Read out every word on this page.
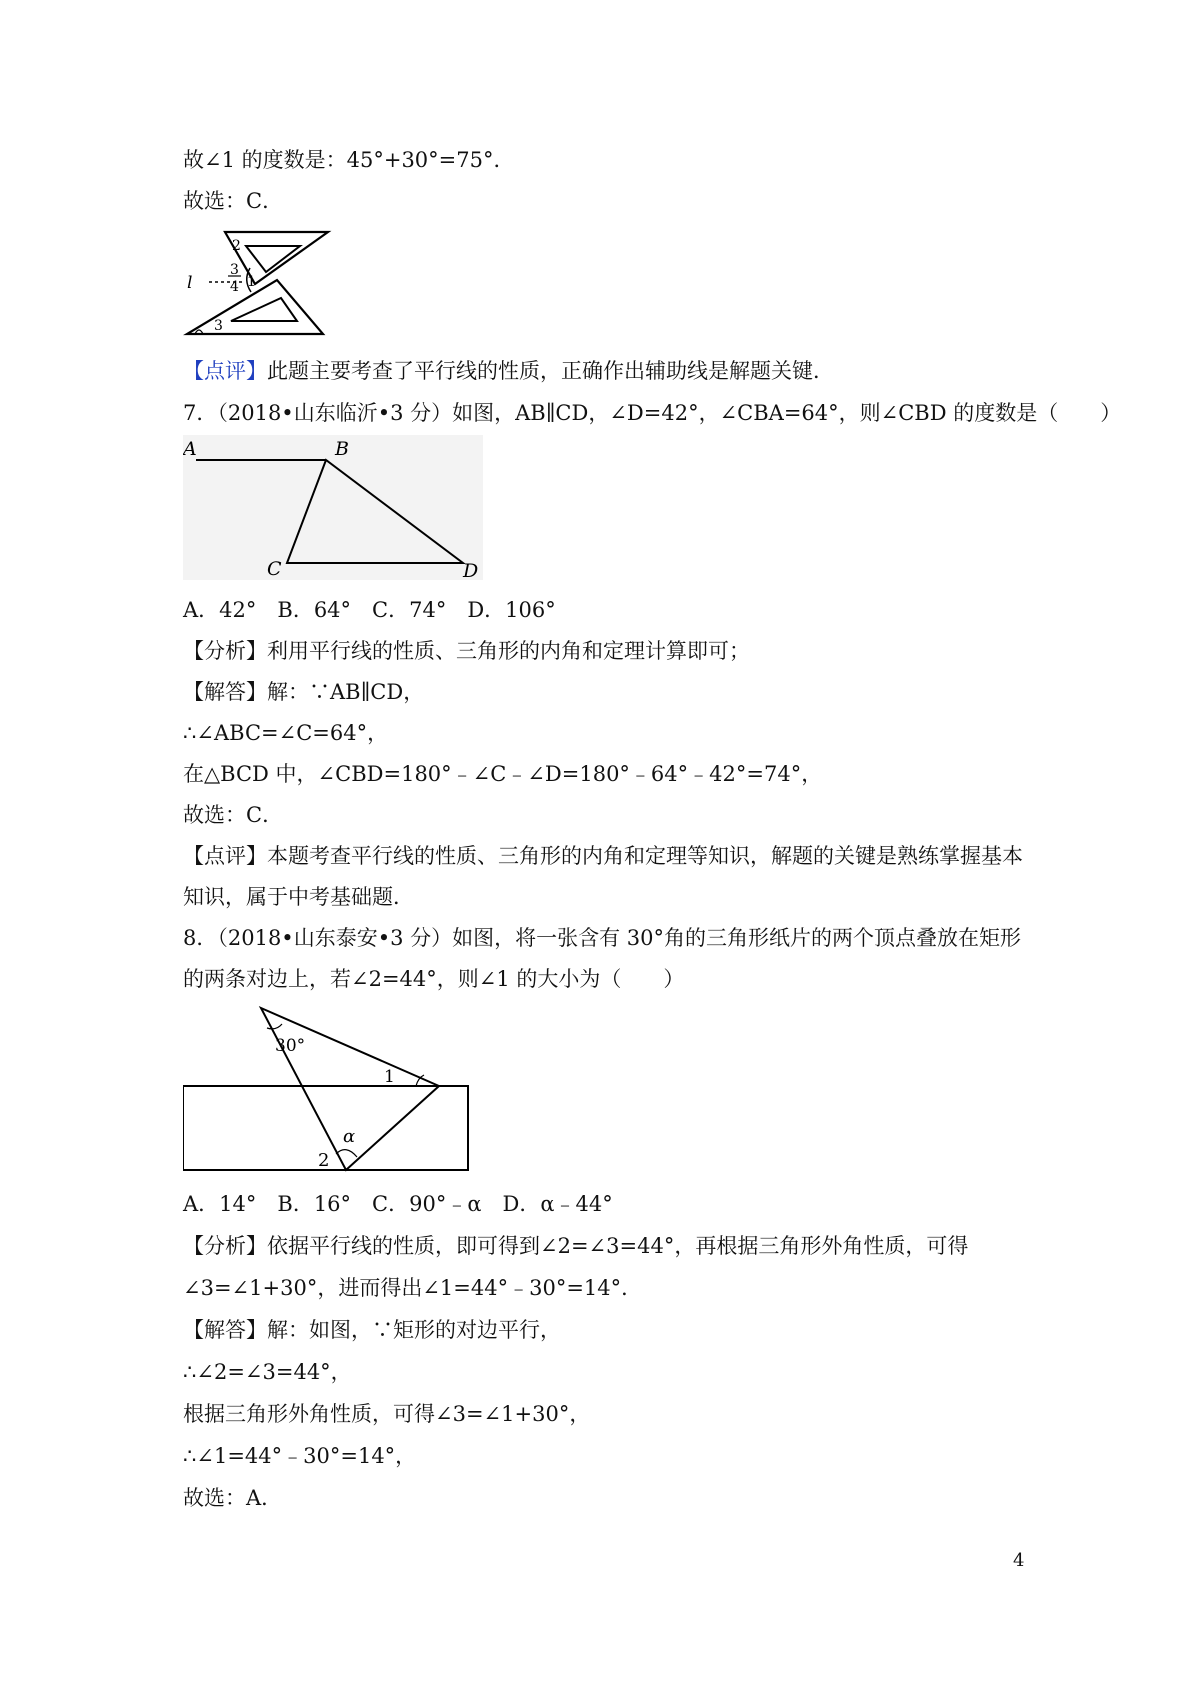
故∠1 的度数是：45°+30°=75°．
故选：C．
l
2
3
4 1
3
【点评】此题主要考查了平行线的性质，正确作出辅助线是解题关键．
7．（2018•山东临沂•3 分）如图，AB∥CD，∠D=42°，∠CBA=64°，则∠CBD 的度数是（　　）
A	B
C	D
A．42°　B．64°　C．74°　D．106°
【分析】利用平行线的性质、三角形的内角和定理计算即可；
【解答】解：∵AB∥CD，
∴∠ABC=∠C=64°，
在△BCD 中，∠CBD=180°﹣∠C﹣∠D=180°﹣64°﹣42°=74°，
故选：C．
【点评】本题考查平行线的性质、三角形的内角和定理等知识，解题的关键是熟练掌握基本
知识，属于中考基础题．
8．（2018•山东泰安•3 分）如图，将一张含有 30°角的三角形纸片的两个顶点叠放在矩形
的两条对边上，若∠2=44°，则∠1 的大小为（　　）
30°
1
α
2
A．14°　B．16°　C．90°﹣α　D．α﹣44°
【分析】依据平行线的性质，即可得到∠2=∠3=44°，再根据三角形外角性质，可得
∠3=∠1+30°，进而得出∠1=44°﹣30°=14°．
【解答】解：如图，∵矩形的对边平行，
∴∠2=∠3=44°，
根据三角形外角性质，可得∠3=∠1+30°，
∴∠1=44°﹣30°=14°，
故选：A．
4
